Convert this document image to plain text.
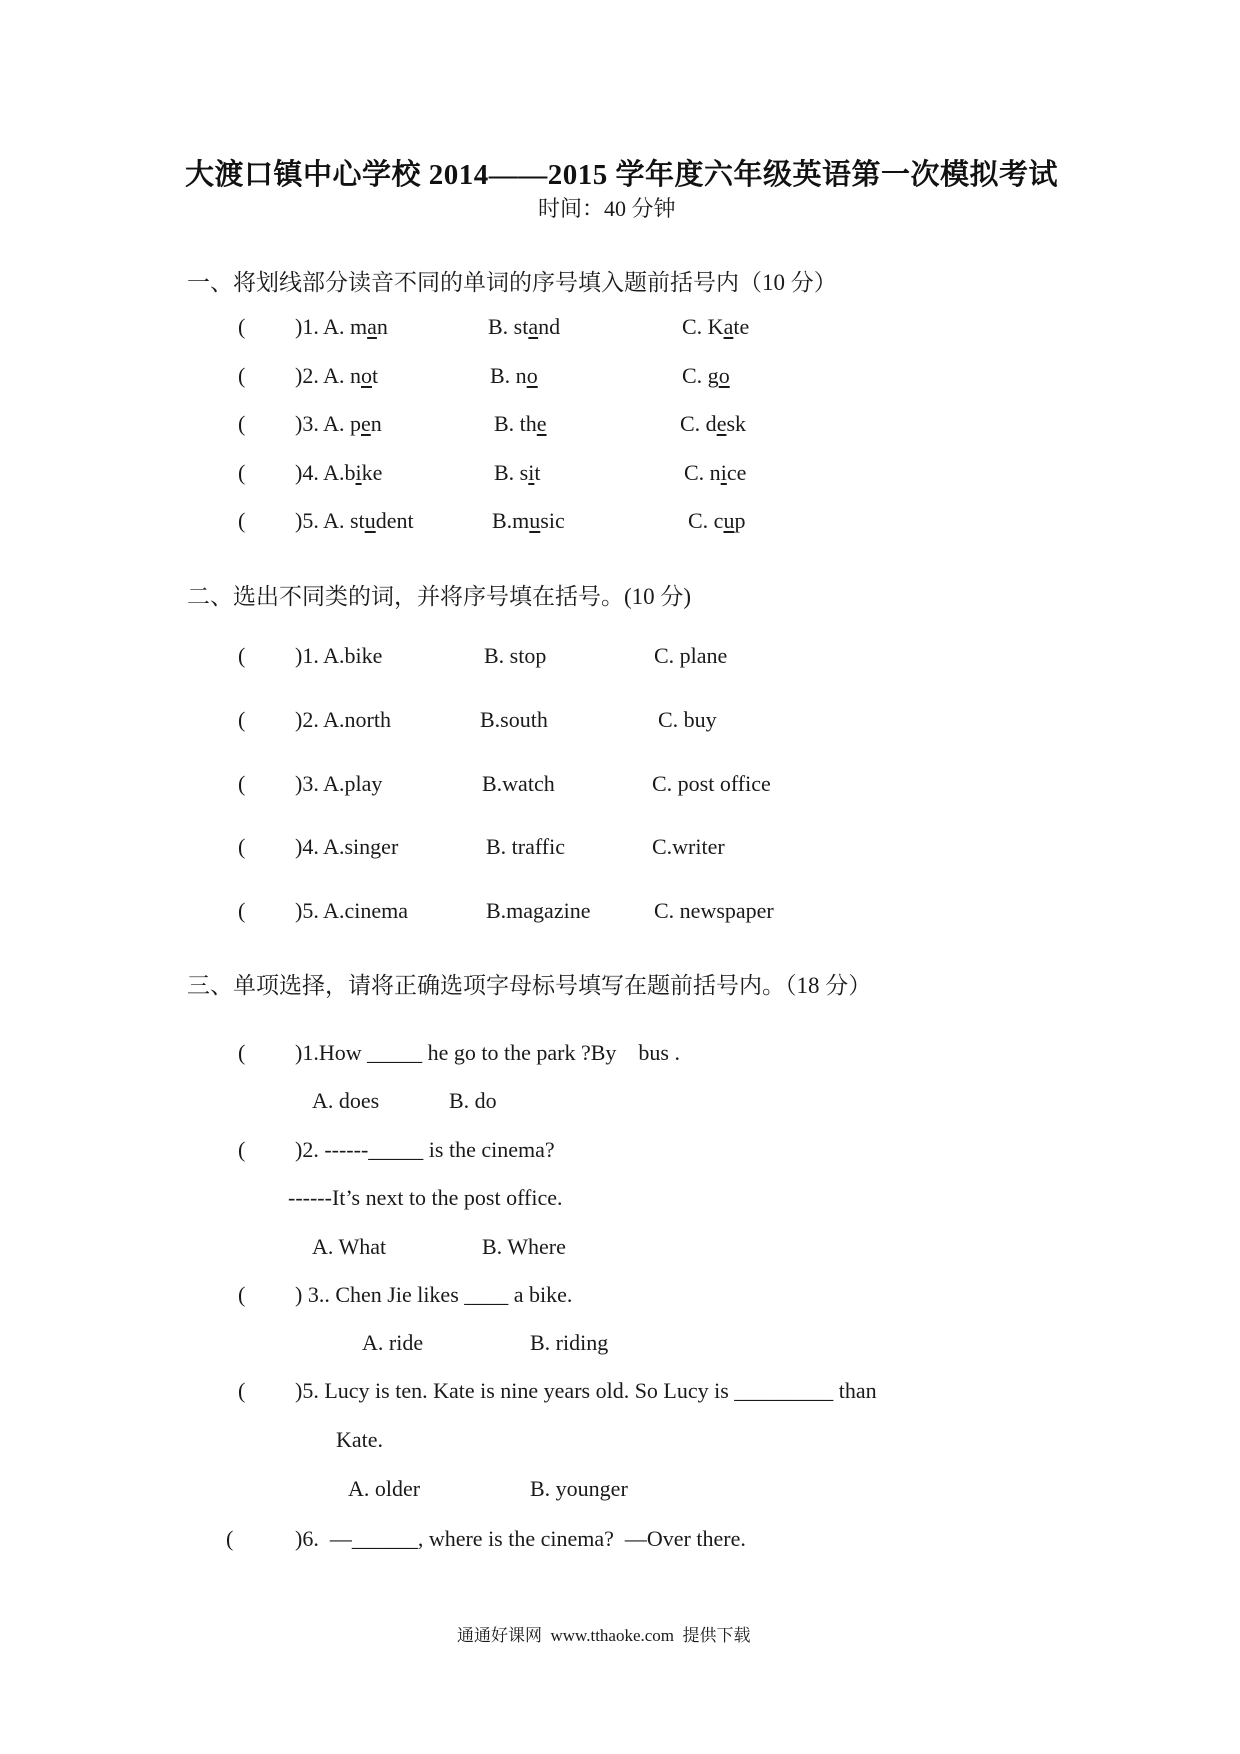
大渡口镇中心学校 2014——2015 学年度六年级英语第一次模拟考试
时间：40 分钟
一、将划线部分读音不同的单词的序号填入题前括号内（10 分）
( )1. A. man	B. stand	C. Kate
( )2. A. not	B. no	C. go
( )3. A. pen	B. the	C. desk
( )4. A.bike	B. sit	C. nice
( )5. A. student	B.music	C. cup
二、选出不同类的词，并将序号填在括号。(10 分)
( )1. A.bike	B. stop	C. plane
( )2. A.north	B.south	C. buy
( )3. A.play	B.watch	C. post office
( )4. A.singer	B. traffic	C.writer
( )5. A.cinema	B.magazine	C. newspaper
三、单项选择，请将正确选项字母标号填写在题前括号内。（18 分）
( )1.How _____ he go to the park ?By    bus .
A. does	B. do
( )2. ------_____ is the cinema?
------It’s next to the post office.
A. What	B. Where
( ) 3.. Chen Jie likes ____ a bike.
A. ride	B. riding
( )5. Lucy is ten. Kate is nine years old. So Lucy is _________ than
Kate.
A. older	B. younger
(	)6.  ―______, where is the cinema?  ―Over there.
通通好课网  www.tthaoke.com  提供下载
